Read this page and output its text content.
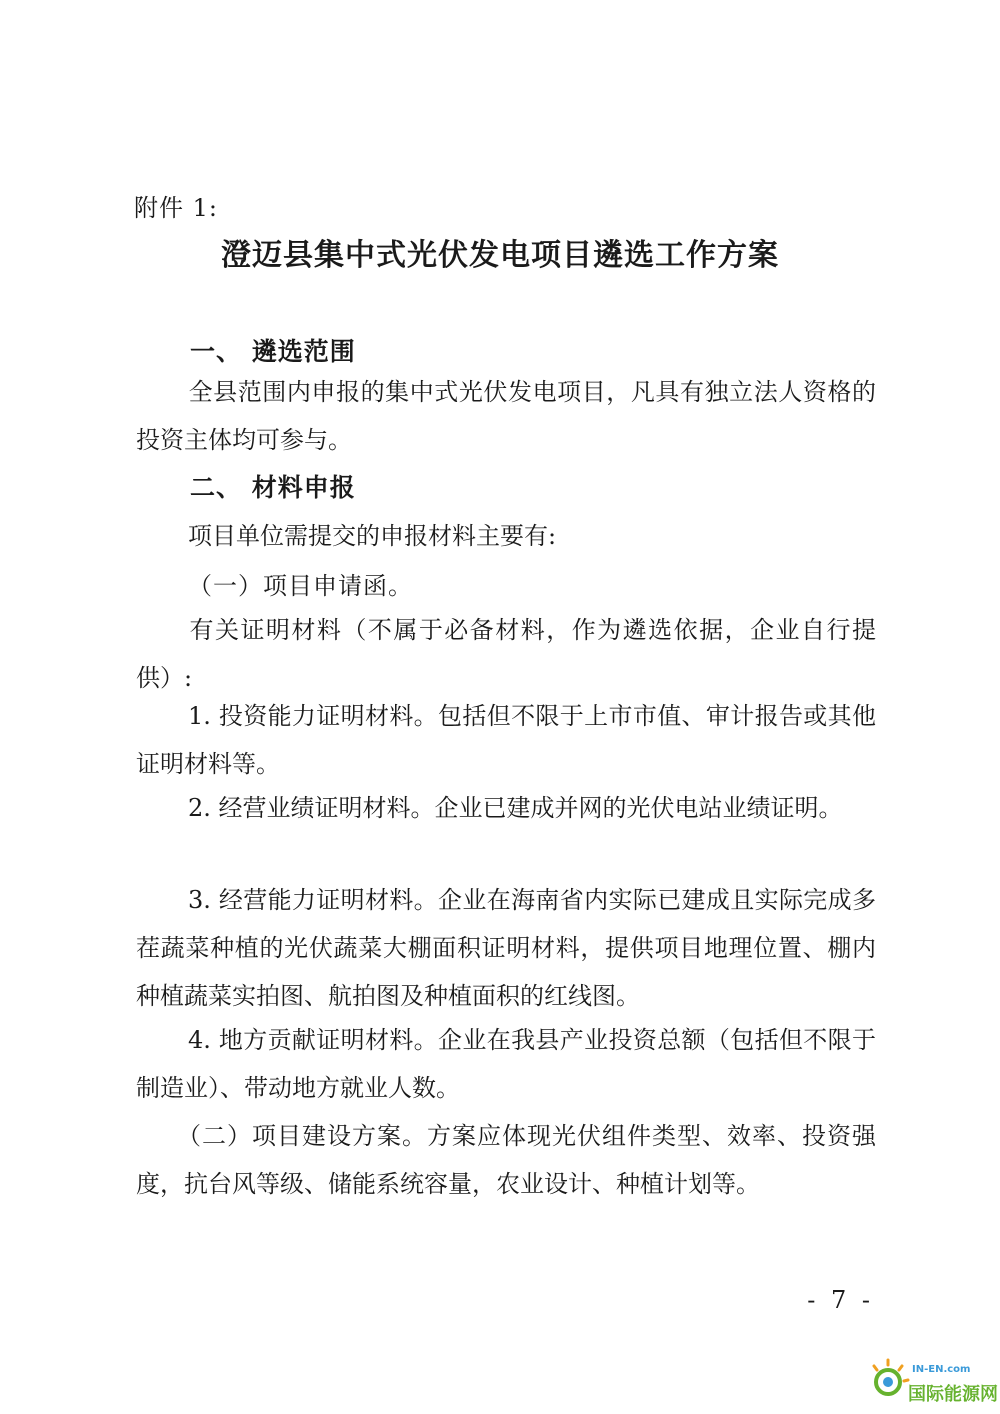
附件 1:
澄迈县集中式光伏发电项目遴选工作方案
一、 遴选范围
全县范围内申报的集中式光伏发电项目，凡具有独立法人资格的投资主体均可参与。
二、 材料申报
项目单位需提交的申报材料主要有:
（一）项目申请函。
有关证明材料（不属于必备材料，作为遴选依据，企业自行提供）:
1. 投资能力证明材料。包括但不限于上市市值、审计报告或其他证明材料等。
2. 经营业绩证明材料。企业已建成并网的光伏电站业绩证明。
3. 经营能力证明材料。企业在海南省内实际已建成且实际完成多茬蔬菜种植的光伏蔬菜大棚面积证明材料，提供项目地理位置、棚内种植蔬菜实拍图、航拍图及种植面积的红线图。
4. 地方贡献证明材料。企业在我县产业投资总额（包括但不限于制造业）、带动地方就业人数。
（二）项目建设方案。方案应体现光伏组件类型、效率、投资强度，抗台风等级、储能系统容量，农业设计、种植计划等。
- 7 -
IN-EN.com
国际能源网
